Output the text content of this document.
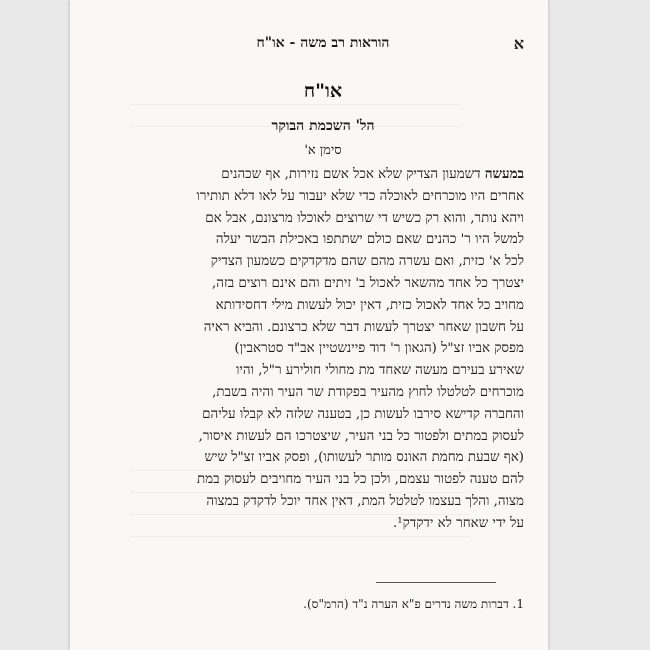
א
הוראות רב משה - או"ח
או"ח
הל' השכמת הבוקר
סימן א'
במעשה דשמעון הצדיק שלא אכל אשם נזירות, אף שכהנים
אחרים היו מוכרחים לאוכלה כדי שלא יעבור על לאו דלא תותירו
ויהא נותר, והוא רק כשיש די שרוצים לאוכלו מרצונם, אבל אם
למשל היו ר' כהנים שאם כולם ישתתפו באכילת הבשר יעלה
לכל א' כזית, ואם עשרה מהם שהם מדקדקים כשמעון הצדיק
יצטרך כל אחד מהשאר לאכול ב' זיתים והם אינם רוצים בזה,
מחויב כל אחד לאכול כזית, דאין יכול לעשות מילי דחסידותא
על חשבון שאחר יצטרך לעשות דבר שלא כרצונם. והביא ראיה
מפסק אביו זצ"ל (הגאון ר' דוד פיינשטיין אב"ד סטראבין)
שאירע בעירם מעשה שאחד מת מחולי חולירע ר"ל, והיו
מוכרחים לטלטלו לחוץ מהעיר בפקודת שר העיר והיה בשבת,
והחברה קדישא סירבו לעשות כן, בטענה שלזה לא קבלו עליהם
לעסוק במתים ולפטור כל בני העיר, שיצטרכו הם לעשות איסור,
(אף שבעת מחמת האונס מותר לעשותו), ופסק אביו זצ"ל שיש
להם טענה לפטור עצמם, ולכן כל בני העיר מחויבים לעסוק במת
מצוה, והלך בעצמו לטלטל המת, דאין אחד יוכל לדקדק במצוה
על ידי שאחר לא ידקדק¹.
1. דברות משה נדרים פ"א הערה נ"ד (הרמ"ס).
